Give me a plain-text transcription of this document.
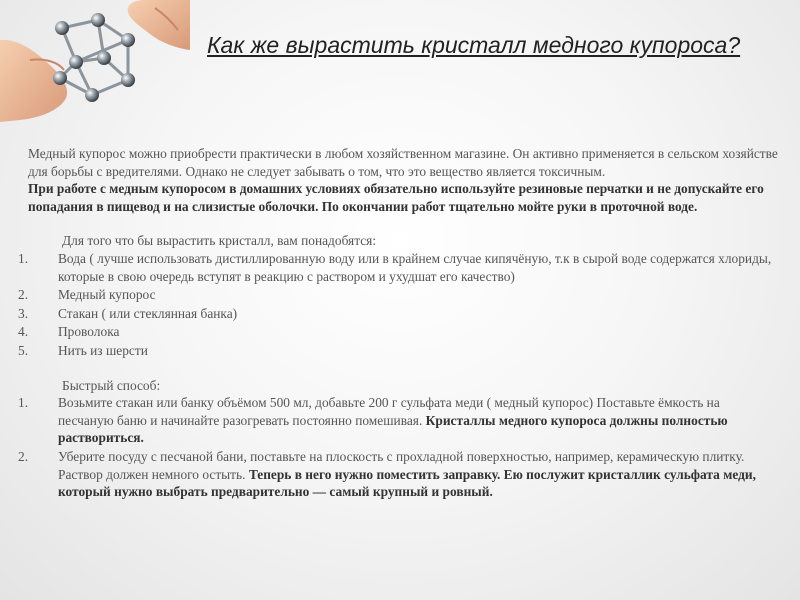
Как же вырастить кристалл медного купороса?

Медный купорос можно приобрести практически в любом хозяйственном магазине. Он активно применяется в сельском хозяйстве для борьбы с вредителями. Однако не следует забывать о том, что это вещество является токсичным.

При работе с медным купоросом в домашних условиях обязательно используйте резиновые перчатки и не допускайте его попадания в пищевод и на слизистые оболочки. По окончании работ тщательно мойте руки в проточной воде.

Для того что бы вырастить кристалл, вам понадобятся:

1. Вода ( лучше использовать дистиллированную воду или в крайнем случае кипячёную, т.к в сырой воде содержатся хлориды, которые в свою очередь вступят в реакцию с раствором и ухудшат его качество)
2. Медный купорос
3. Стакан ( или стеклянная банка)
4. Проволока
5. Нить из шерсти

Быстрый способ:

1. Возьмите стакан или банку объёмом 500 мл, добавьте 200 г сульфата меди ( медный купорос) Поставьте ёмкость на песчаную баню и начинайте разогревать постоянно помешивая. Кристаллы медного купороса должны полностью раствориться.
2. Уберите посуду с песчаной бани, поставьте на плоскость с прохладной поверхностью, например, керамическую плитку. Раствор должен немного остыть. Теперь в него нужно поместить заправку. Ею послужит кристаллик сульфата меди, который нужно выбрать предварительно — самый крупный и ровный.
